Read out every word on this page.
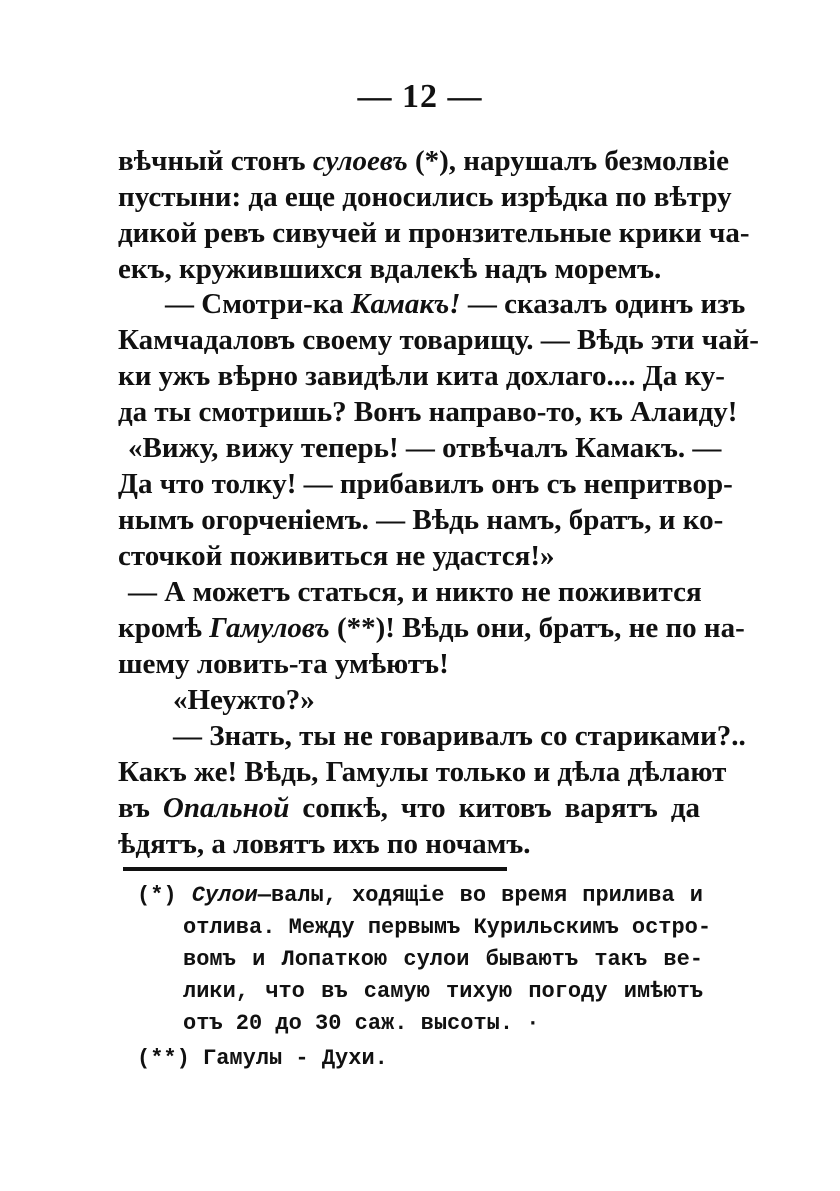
— 12 —
вѣчный стонъ сулоевъ (*), нарушалъ безмолвіе
пустыни: да еще доносились изрѣдка по вѣтру
дикой ревъ сивучей и пронзительные крики ча-
екъ, кружившихся вдалекѣ надъ моремъ.
— Смотри-ка Камакъ! — сказалъ одинъ изъ
Камчадаловъ своему товарищу. — Вѣдь эти чай-
ки ужъ вѣрно завидѣли кита дохлаго.... Да ку-
да ты смотришь? Вонъ направо-то, къ Алаиду!
«Вижу, вижу теперь! — отвѣчалъ Камакъ. —
Да что толку! — прибавилъ онъ съ непритвор-
нымъ огорченіемъ. — Вѣдь намъ, братъ, и ко-
сточкой поживиться не удастся!»
— А можетъ статься, и никто не поживится
кромѣ Гамуловъ (**)! Вѣдь они, братъ, не по на-
шему ловить-та умѣютъ!
«Неужто?»
— Знать, ты не говаривалъ со стариками?..
Какъ же! Вѣдь, Гамулы только и дѣла дѣлают
въ Опальной сопкѣ, что китовъ варятъ да
ѣдятъ, а ловятъ ихъ по ночамъ.
(*) Сулои—валы, ходящіе во время прилива и
отлива. Между первымъ Курильскимъ остро-
вомъ и Лопаткою сулои бываютъ такъ ве-
лики, что въ самую тихую погоду имѣютъ
отъ 20 до 30 саж. высоты. ·
(**) Гамулы - Духи.
